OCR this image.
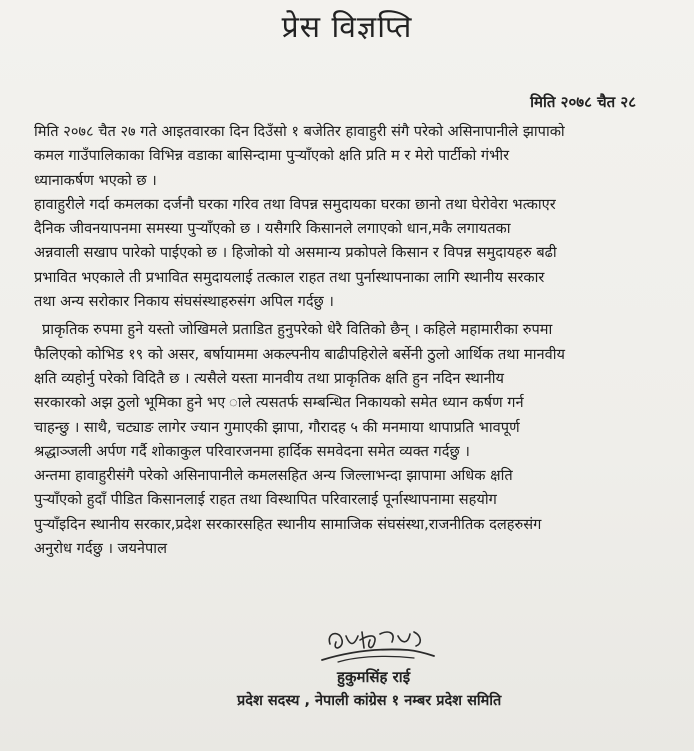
प्रेस विज्ञप्ति
मिति २०७८ चैत २८
मिति २०७८ चैत २७ गते आइतवारका दिन दिउँसो १ बजेतिर हावाहुरी संगै परेको असिनापानीले झापाको
कमल गाउँपालिकाका विभिन्न वडाका बासिन्दामा पुर्‍याँएको क्षति प्रति म र मेरो पार्टीको गंभीर
ध्यानाकर्षण भएको छ ।
हावाहुरीले गर्दा कमलका दर्जनौ घरका गरिव तथा विपन्न समुदायका घरका छानो तथा घेरोवेरा भत्काएर
दैनिक जीवनयापनमा समस्या पुर्‍याँएको छ । यसैगरि किसानले लगाएको धान,मकै लगायतका
अन्नवाली सखाप पारेको पाईएको छ । हिजोको यो असमान्य प्रकोपले किसान र विपन्न समुदायहरु बढी
प्रभावित भएकाले ती प्रभावित समुदायलाई तत्काल राहत तथा पुर्नास्थापनाका लागि स्थानीय सरकार
तथा अन्य सरोकार निकाय संघसंस्थाहरुसंग अपिल गर्दछु ।
प्राकृतिक रुपमा हुने यस्तो जोखिमले प्रताडित हुनुपरेको धेरै वितिको छैन् । कहिले महामारीका रुपमा
फैलिएको कोभिड १९ को असर, बर्षायाममा अकल्पनीय बाढीपहिरोले बर्सेनी ठुलो आर्थिक तथा मानवीय
क्षति व्यहोर्नु परेको विदितै छ । त्यसैले यस्ता मानवीय तथा प्राकृतिक क्षति हुन नदिन स्थानीय
सरकारको अझ ठुलो भूमिका हुने भए ाले त्यसतर्फ सम्बन्धित निकायको समेत ध्यान कर्षण गर्न
चाहन्छु । साथै, चट्याङ लागेर ज्यान गुमाएकी झापा, गौरादह ५ की मनमाया थापाप्रति भावपूर्ण
श्रद्धाञ्जली अर्पण गर्दै शोकाकुल परिवारजनमा हार्दिक समवेदना समेत व्यक्त गर्दछु ।
अन्तमा हावाहुरीसंगै परेको असिनापानीले कमलसहित अन्य जिल्लाभन्दा झापामा अधिक क्षति
पुर्‍याँएको हुदाँ पीडित किसानलाई राहत तथा विस्थापित परिवारलाई पूर्नास्थापनामा सहयोग
पुर्‍याँइदिन स्थानीय सरकार,प्रदेश सरकारसहित स्थानीय सामाजिक संघसंस्था,राजनीतिक दलहरुसंग
अनुरोध गर्दछु । जयनेपाल
हुकुमसिंह राई
प्रदेश सदस्य , नेपाली कांग्रेस १ नम्बर प्रदेश समिति
